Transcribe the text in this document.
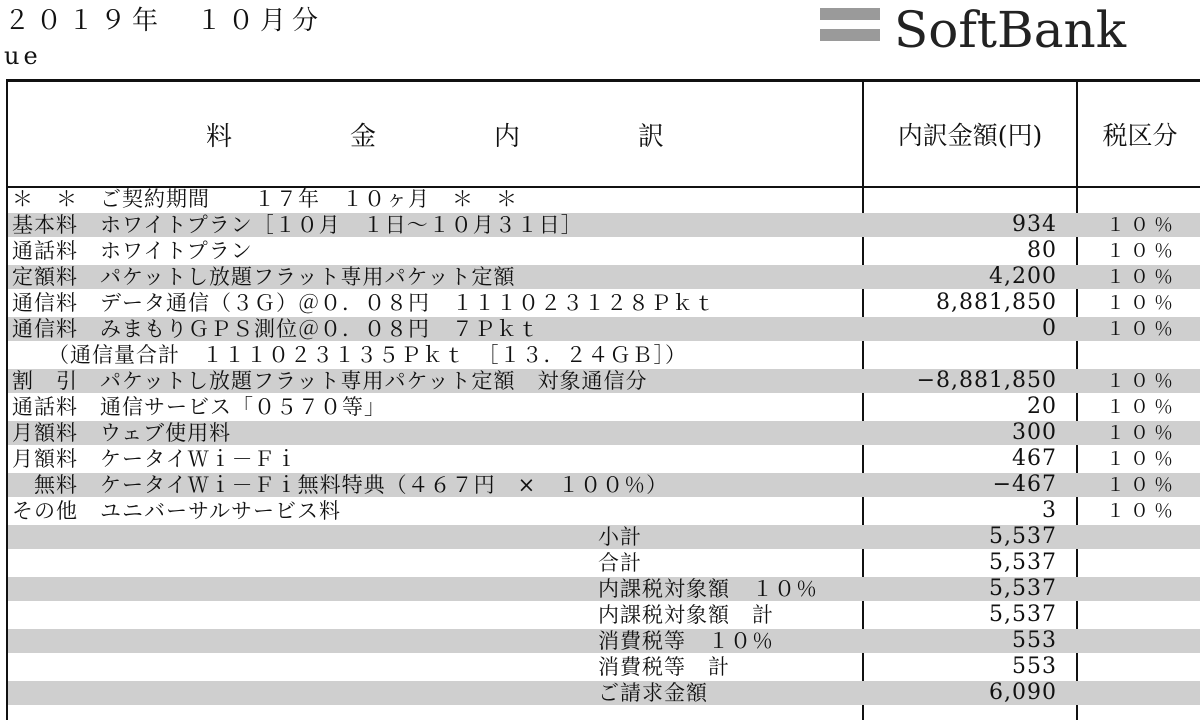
２０１９年　１０月分
ue	SoftBank
料　金　内　訳	内訳金額(円)	税区分
＊　＊　ご契約期間　　１７年　１０ヶ月　＊　＊
基本料　ホワイトプラン［１０月　１日〜１０月３１日］	934	１０％
通話料　ホワイトプラン	80	１０％
定額料　パケットし放題フラット専用パケット定額	4,200	１０％
通信料　データ通信（３Ｇ）＠０．０８円　１１１０２３１２８Ｐｋｔ	8,881,850	１０％
通信料　みまもりＧＰＳ測位＠０．０８円　７Ｐｋｔ	0	１０％
（通信量合計　１１１０２３１３５Ｐｋｔ　［１３．２４ＧＢ］）
割　引　パケットし放題フラット専用パケット定額　対象通信分	−8,881,850	１０％
通話料　通信サービス「０５７０等」	20	１０％
月額料　ウェブ使用料	300	１０％
月額料　ケータイＷｉ－Ｆｉ	467	１０％
　無料　ケータイＷｉ－Ｆｉ無料特典（４６７円　×　１００％）	−467	１０％
その他　ユニバーサルサービス料	3	１０％
小計	5,537
合計	5,537
内課税対象額　１０％	5,537
内課税対象額　計	5,537
消費税等　１０％	553
消費税等　計	553
ご請求金額	6,090
